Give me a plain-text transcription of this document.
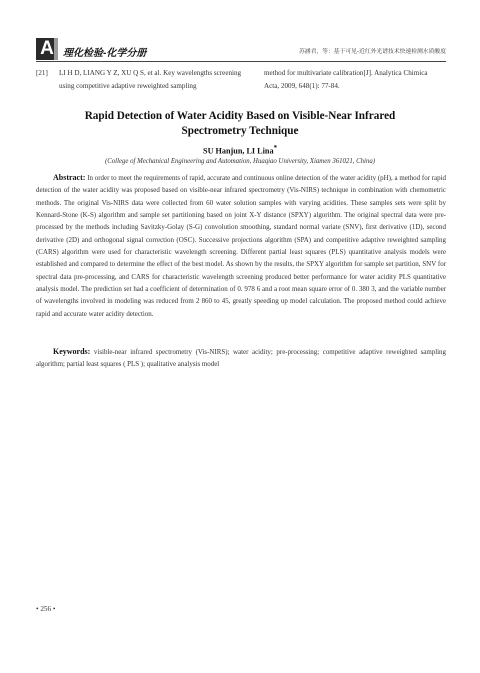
A 理化检验-化学分册	苏涵君，等：基于可见-近红外光谱技术快速检测水质酸度
[21]	LI H D, LIANG Y Z, XU Q S, et al. Key wavelengths screening using competitive adaptive reweighted sampling
method for multivariate calibration[J]. Analytica Chimica Acta, 2009, 648(1): 77-84.
Rapid Detection of Water Acidity Based on Visible-Near Infrared Spectrometry Technique
SU Hanjun, LI Lina*
(College of Mechanical Engineering and Automation, Huaqiao University, Xiamen 361021, China)

Abstract: In order to meet the requirements of rapid, accurate and continuous online detection of the water acidity (pH), a method for rapid detection of the water acidity was proposed based on visible-near infrared spectrometry (Vis-NIRS) technique in combination with chemometric methods. The original Vis-NIRS data were collected from 60 water solution samples with varying acidities. These samples sets were split by Kennard-Stone (K-S) algorithm and sample set partitioning based on joint X-Y distance (SPXY) algorithm. The original spectral data were pre-processed by the methods including Savitzky-Golay (S-G) convolution smoothing, standard normal variate (SNV), first derivative (1D), second derivative (2D) and orthogonal signal correction (OSC). Successive projections algorithm (SPA) and competitive adaptive reweighted sampling (CARS) algorithm were used for characteristic wavelength screening. Different partial least squares (PLS) quantitative analysis models were established and compared to determine the effect of the best model. As shown by the results, the SPXY algorithm for sample set partition, SNV for spectral data pre-processing, and CARS for characteristic wavelength screening produced better performance for water acidity PLS quantitative analysis model. The prediction set had a coefficient of determination of 0. 978 6 and a root mean square error of 0. 380 3, and the variable number of wavelengths involved in modeling was reduced from 2 860 to 45, greatly speeding up model calculation. The proposed method could achieve rapid and accurate water acidity detection.

Keywords: visible-near infrared spectrometry (Vis-NIRS); water acidity; pre-processing; competitive adaptive reweighted sampling algorithm; partial least squares ( PLS ); qualitative analysis model

• 256 •
